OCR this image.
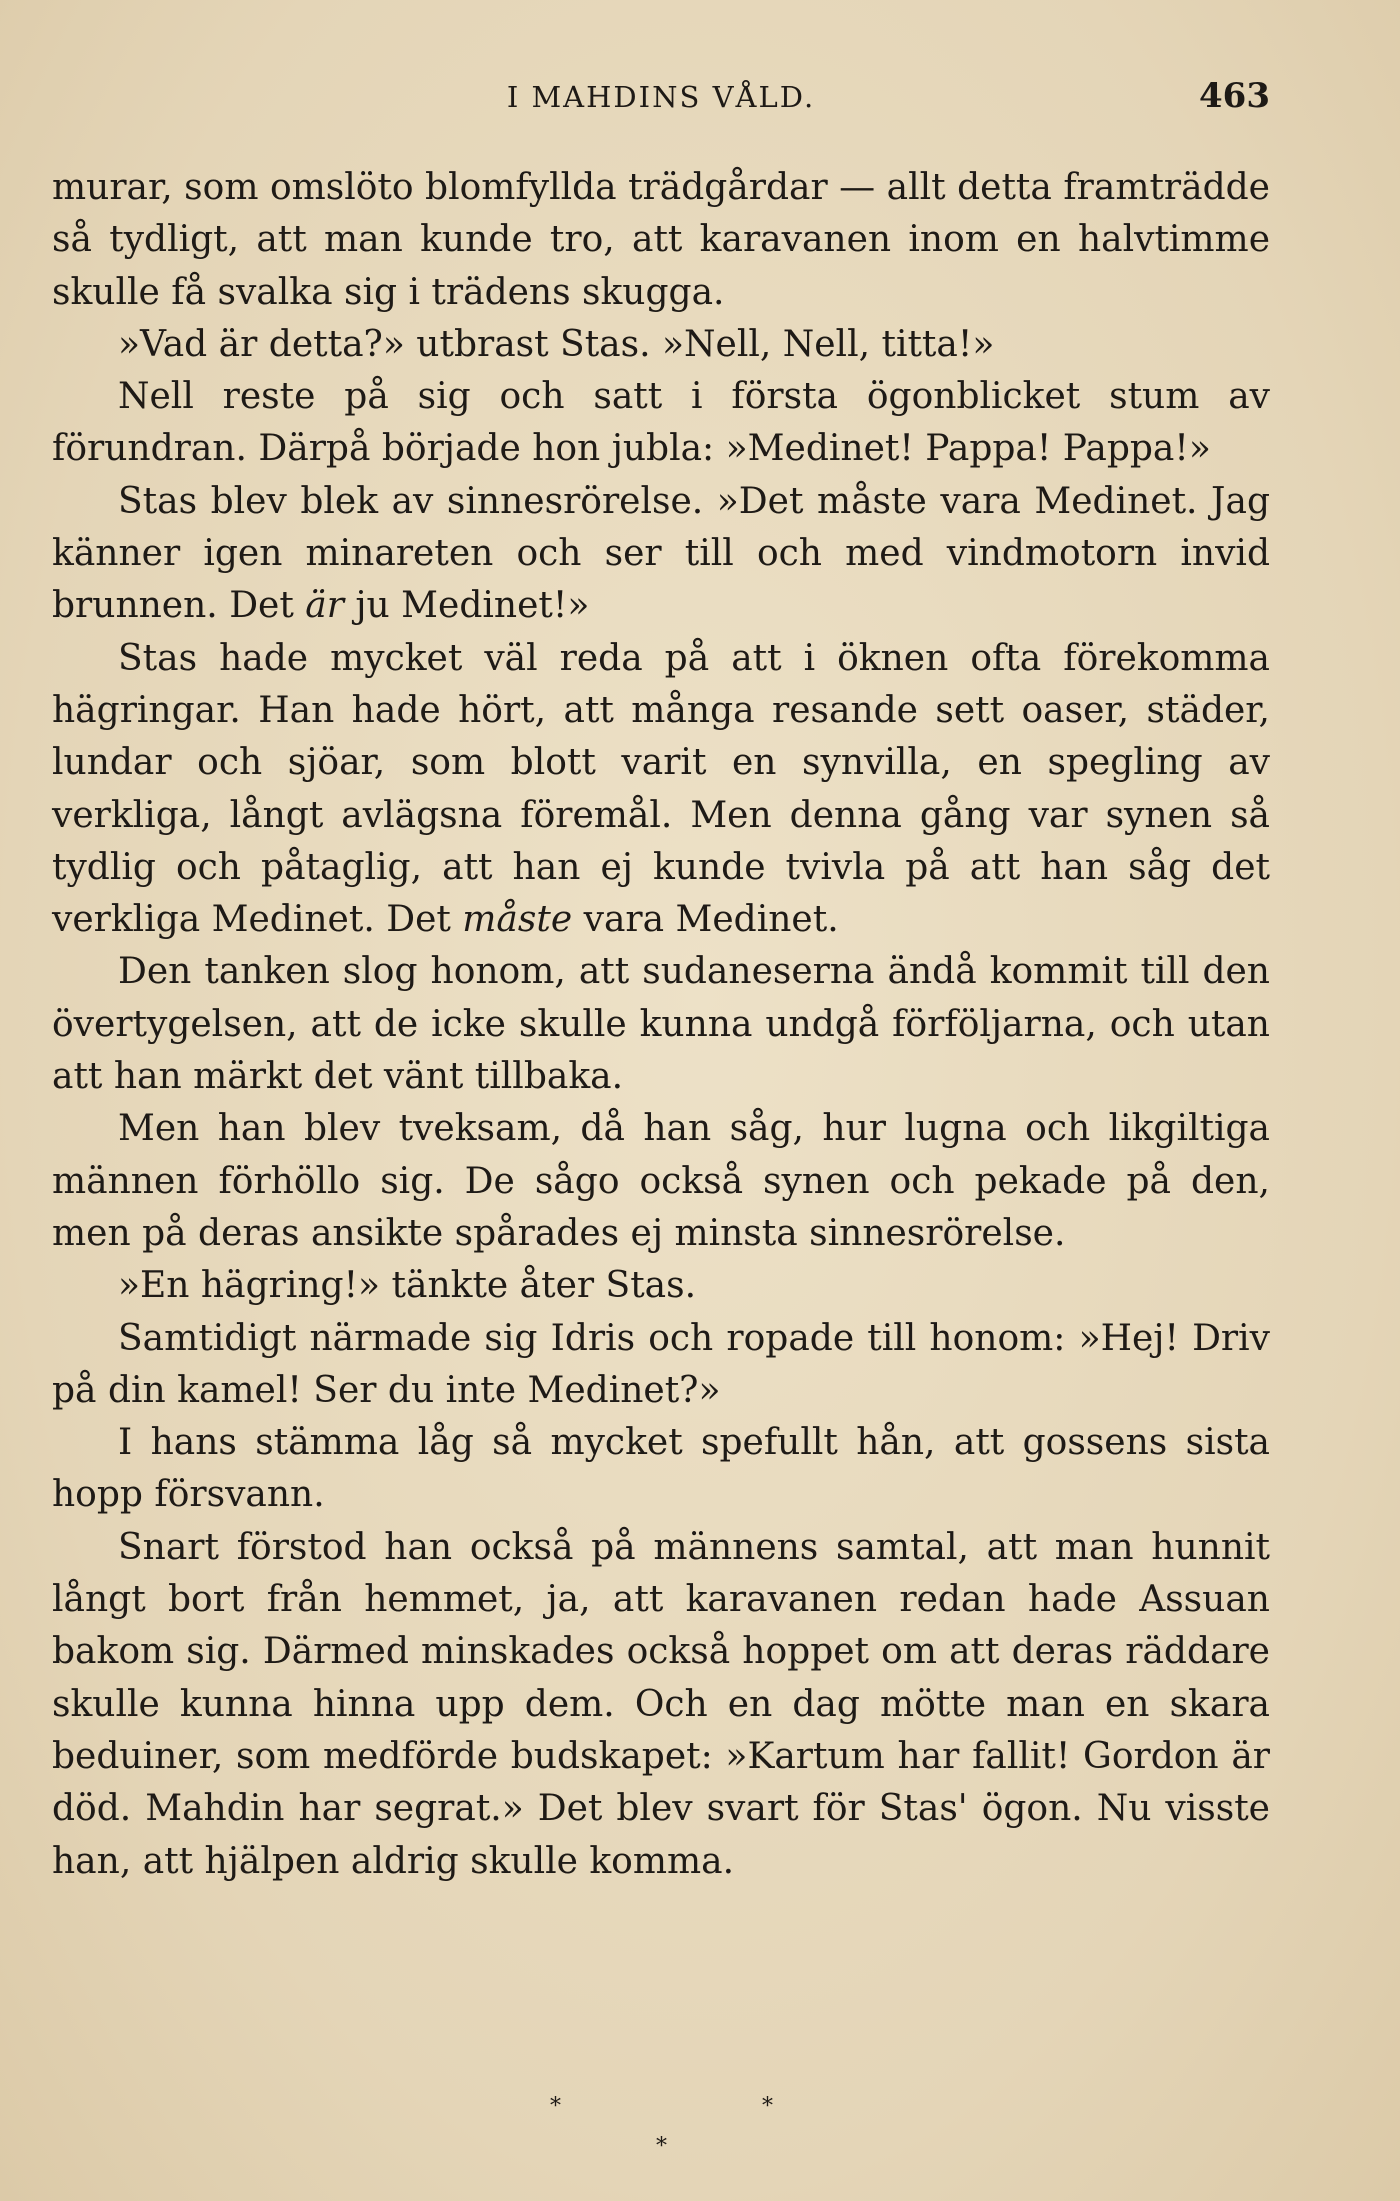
I MAHDINS VÅLD.	463

murar, som omslöto blomfyllda trädgårdar — allt detta framträdde så tydligt, att man kunde tro, att karavanen inom en halvtimme skulle få svalka sig i trädens skugga.

»Vad är detta?» utbrast Stas. »Nell, Nell, titta!»

Nell reste på sig och satt i första ögonblicket stum av förundran. Därpå började hon jubla: »Medinet! Pappa! Pappa!»

Stas blev blek av sinnesrörelse. »Det måste vara Medinet. Jag känner igen minareten och ser till och med vindmotorn invid brunnen. Det är ju Medinet!»

Stas hade mycket väl reda på att i öknen ofta förekomma hägringar. Han hade hört, att många resande sett oaser, städer, lundar och sjöar, som blott varit en synvilla, en spegling av verkliga, långt avlägsna föremål. Men denna gång var synen så tydlig och påtaglig, att han ej kunde tvivla på att han såg det verkliga Medinet. Det måste vara Medinet.

Den tanken slog honom, att sudaneserna ändå kommit till den övertygelsen, att de icke skulle kunna undgå förföljarna, och utan att han märkt det vänt tillbaka.

Men han blev tveksam, då han såg, hur lugna och likgiltiga männen förhöllo sig. De sågo också synen och pekade på den, men på deras ansikte spårades ej minsta sinnesrörelse.

»En hägring!» tänkte åter Stas.

Samtidigt närmade sig Idris och ropade till honom: »Hej! Driv på din kamel! Ser du inte Medinet?»

I hans stämma låg så mycket spefullt hån, att gossens sista hopp försvann.

Snart förstod han också på männens samtal, att man hunnit långt bort från hemmet, ja, att karavanen redan hade Assuan bakom sig. Därmed minskades också hoppet om att deras räddare skulle kunna hinna upp dem. Och en dag mötte man en skara beduiner, som medförde budskapet: »Kartum har fallit! Gordon är död. Mahdin har segrat.» Det blev svart för Stas' ögon. Nu visste han, att hjälpen aldrig skulle komma.

*	*
*
